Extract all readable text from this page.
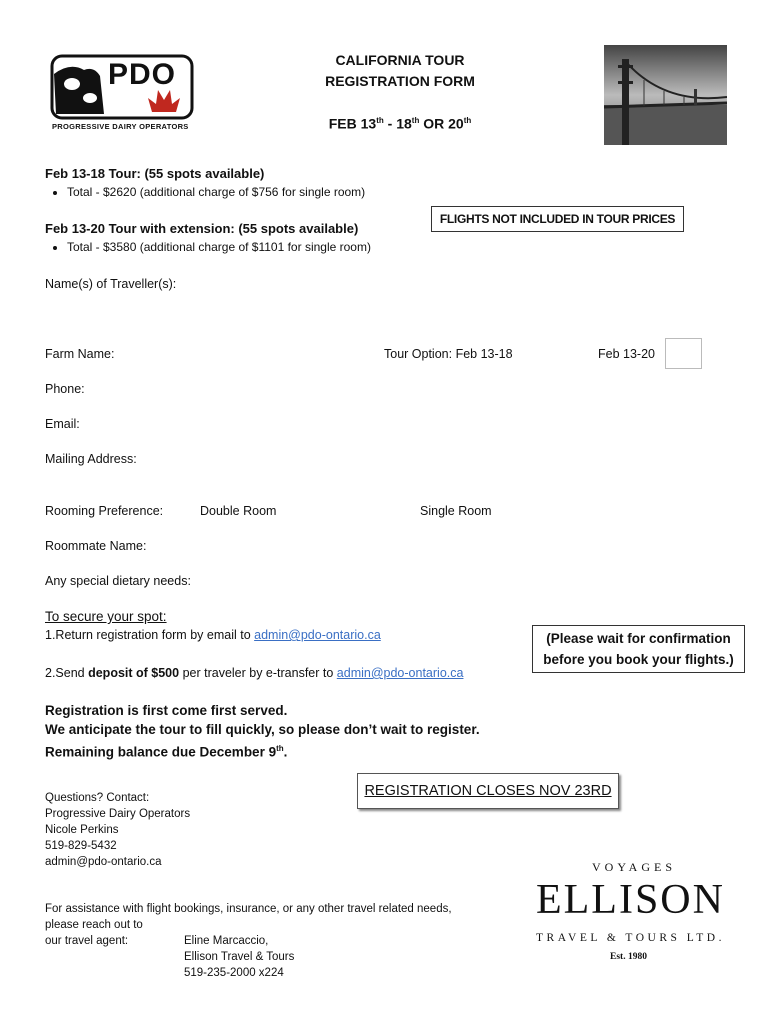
PDO
PROGRESSIVE DAIRY OPERATORS
CALIFORNIA TOUR
REGISTRATION FORM
FEB 13th - 18th OR 20th
Feb 13-18 Tour: (55 spots available)
• Total - $2620 (additional charge of $756 for single room)
FLIGHTS NOT INCLUDED IN TOUR PRICES
Feb 13-20 Tour with extension: (55 spots available)
• Total - $3580 (additional charge of $1101 for single room)
Name(s) of Traveller(s):
Farm Name:	Tour Option: Feb 13-18	Feb 13-20
Phone:
Email:
Mailing Address:
Rooming Preference:	Double Room	Single Room
Roommate Name:
Any special dietary needs:
To secure your spot:
1.Return registration form by email to admin@pdo-ontario.ca
2.Send deposit of $500 per traveler by e-transfer to admin@pdo-ontario.ca
(Please wait for confirmation
before you book your flights.)
Registration is first come first served.
We anticipate the tour to fill quickly, so please don’t wait to register.
Remaining balance due December 9th.
REGISTRATION CLOSES NOV 23RD
Questions? Contact:
Progressive Dairy Operators
Nicole Perkins
519-829-5432
admin@pdo-ontario.ca
For assistance with flight bookings, insurance, or any other travel related needs,
please reach out to
our travel agent:	Eline Marcaccio,
Ellison Travel & Tours
519-235-2000 x224
VOYAGES
ELLISON
TRAVEL & TOURS LTD.
Est. 1980
